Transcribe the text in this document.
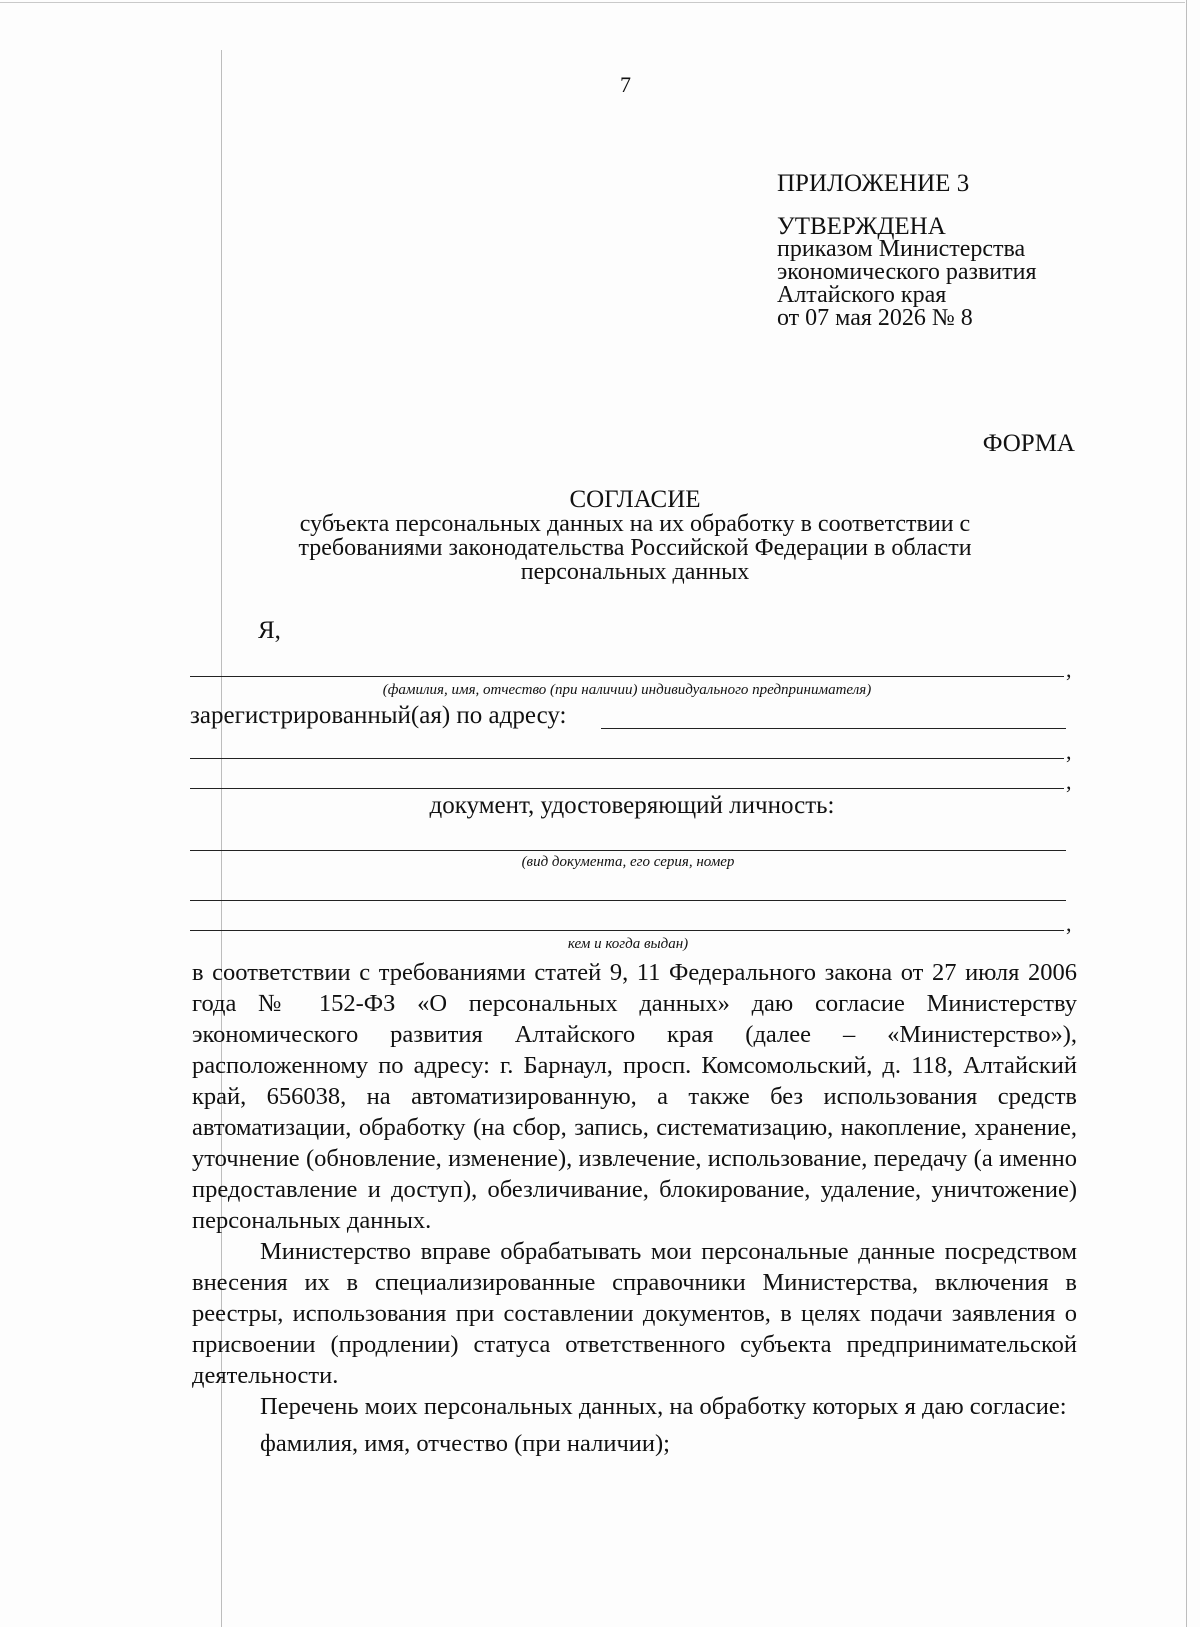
7
ПРИЛОЖЕНИЕ 3
УТВЕРЖДЕНА
приказом Министерства
экономического развития
Алтайского края
от 07 мая 2026 № 8
ФОРМА
СОГЛАСИЕ
субъекта персональных данных на их обработку в соответствии с
требованиями законодательства Российской Федерации в области
персональных данных
Я,
,
(фамилия, имя, отчество (при наличии) индивидуального предпринимателя)
зарегистрированный(ая) по адресу:
,
,
документ, удостоверяющий личность:
(вид документа, его серия, номер
,
кем и когда выдан)

в соответствии с требованиями статей 9, 11 Федерального закона от 27 июля 2006 года № 152-ФЗ «О персональных данных» даю согласие Министерству экономического развития Алтайского края (далее – «Министерство»), расположенному по адресу: г. Барнаул, просп. Комсомольский, д. 118, Алтайский край, 656038, на автоматизированную, а также без использования средств автоматизации, обработку (на сбор, запись, систематизацию, накопление, хранение, уточнение (обновление, изменение), извлечение, использование, передачу (а именно предоставление и доступ), обезличивание, блокирование, удаление, уничтожение) персональных данных.

Министерство вправе обрабатывать мои персональные данные посредством внесения их в специализированные справочники Министерства, включения в реестры, использования при составлении документов, в целях подачи заявления о присвоении (продлении) статуса ответственного субъекта предпринимательской деятельности.

Перечень моих персональных данных, на обработку которых я даю согласие:

фамилия, имя, отчество (при наличии);
